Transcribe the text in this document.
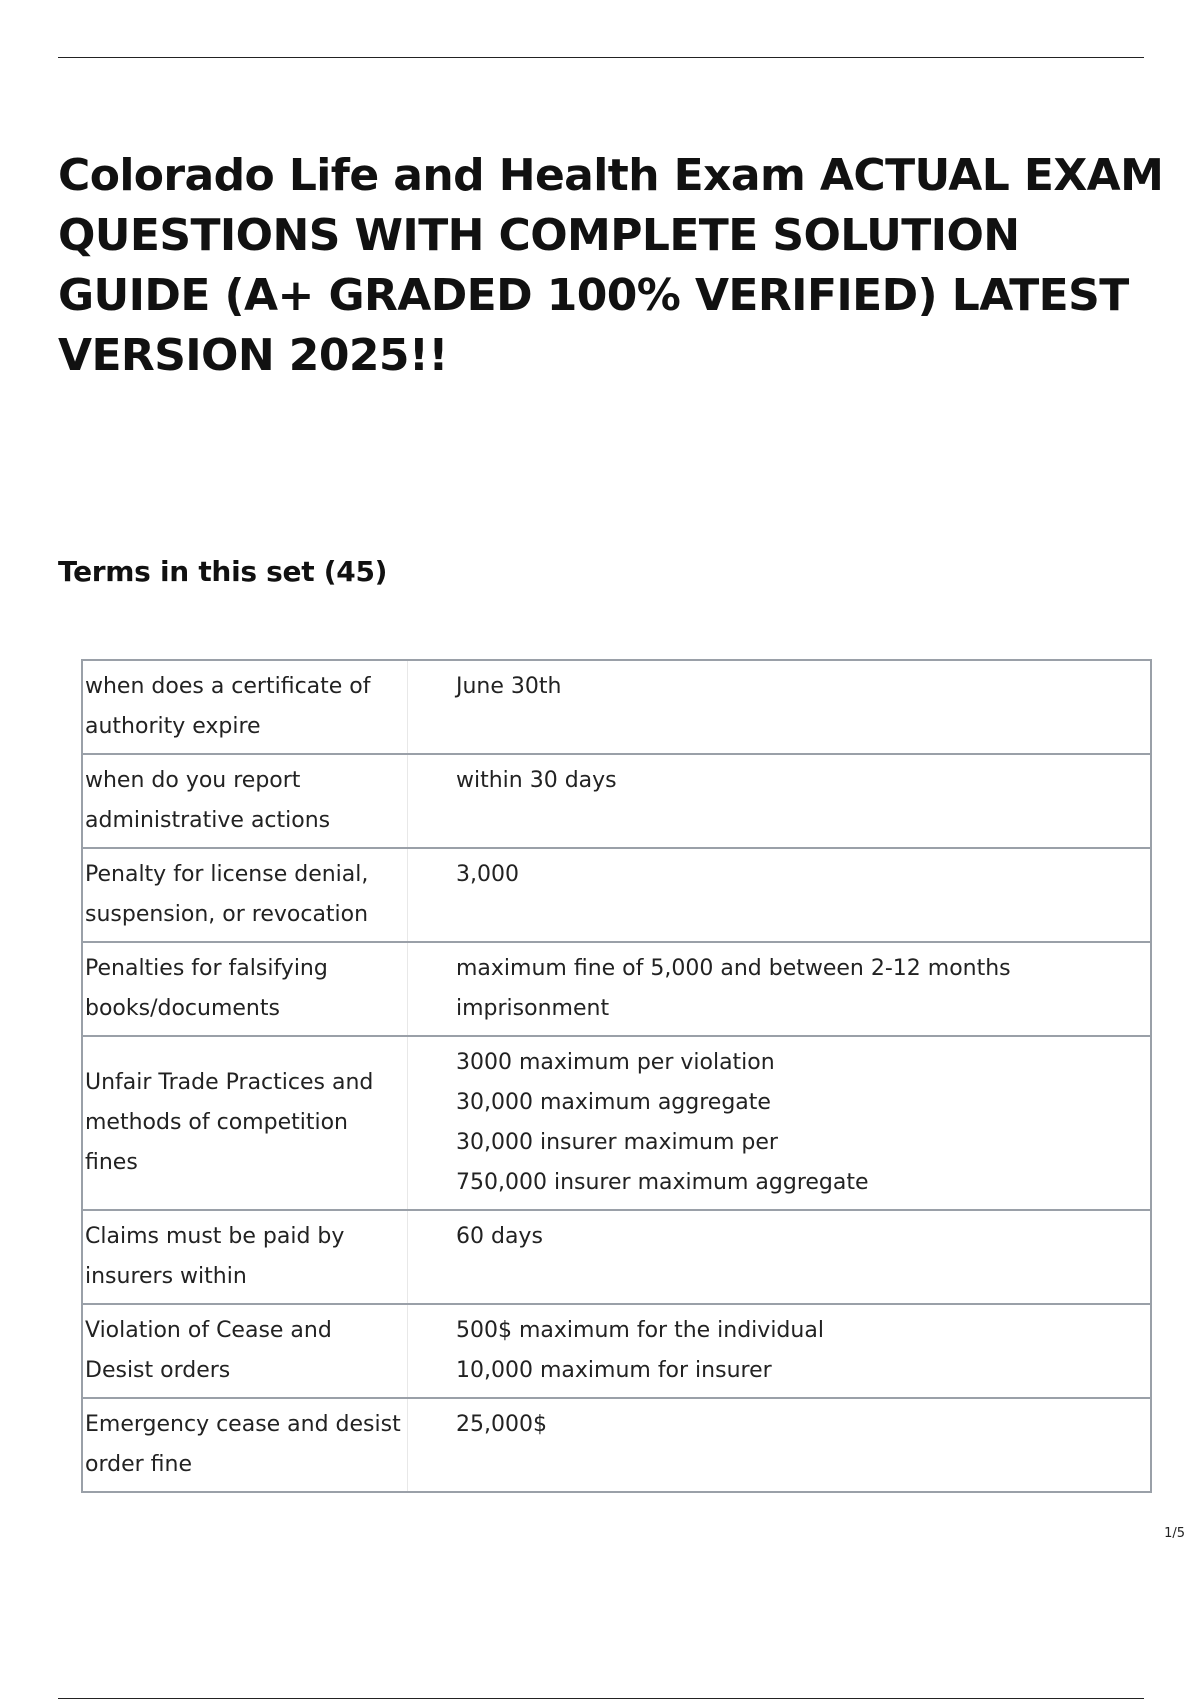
Colorado Life and Health Exam ACTUAL EXAM QUESTIONS WITH COMPLETE SOLUTION GUIDE (A+ GRADED 100% VERIFIED) LATEST VERSION 2025!!
Terms in this set (45)
when does a certificate of authority expire	June 30th

when do you report administrative actions	within 30 days

Penalty for license denial, suspension, or revocation	3,000

Penalties for falsifying books/documents	maximum fine of 5,000 and between 2-12 months imprisonment

Unfair Trade Practices and methods of competition fines	3000 maximum per violation
30,000 maximum aggregate
30,000 insurer maximum per
750,000 insurer maximum aggregate

Claims must be paid by insurers within	60 days

Violation of Cease and Desist orders	500$ maximum for the individual
10,000 maximum for insurer

Emergency cease and desist order fine	25,000$
1/5
